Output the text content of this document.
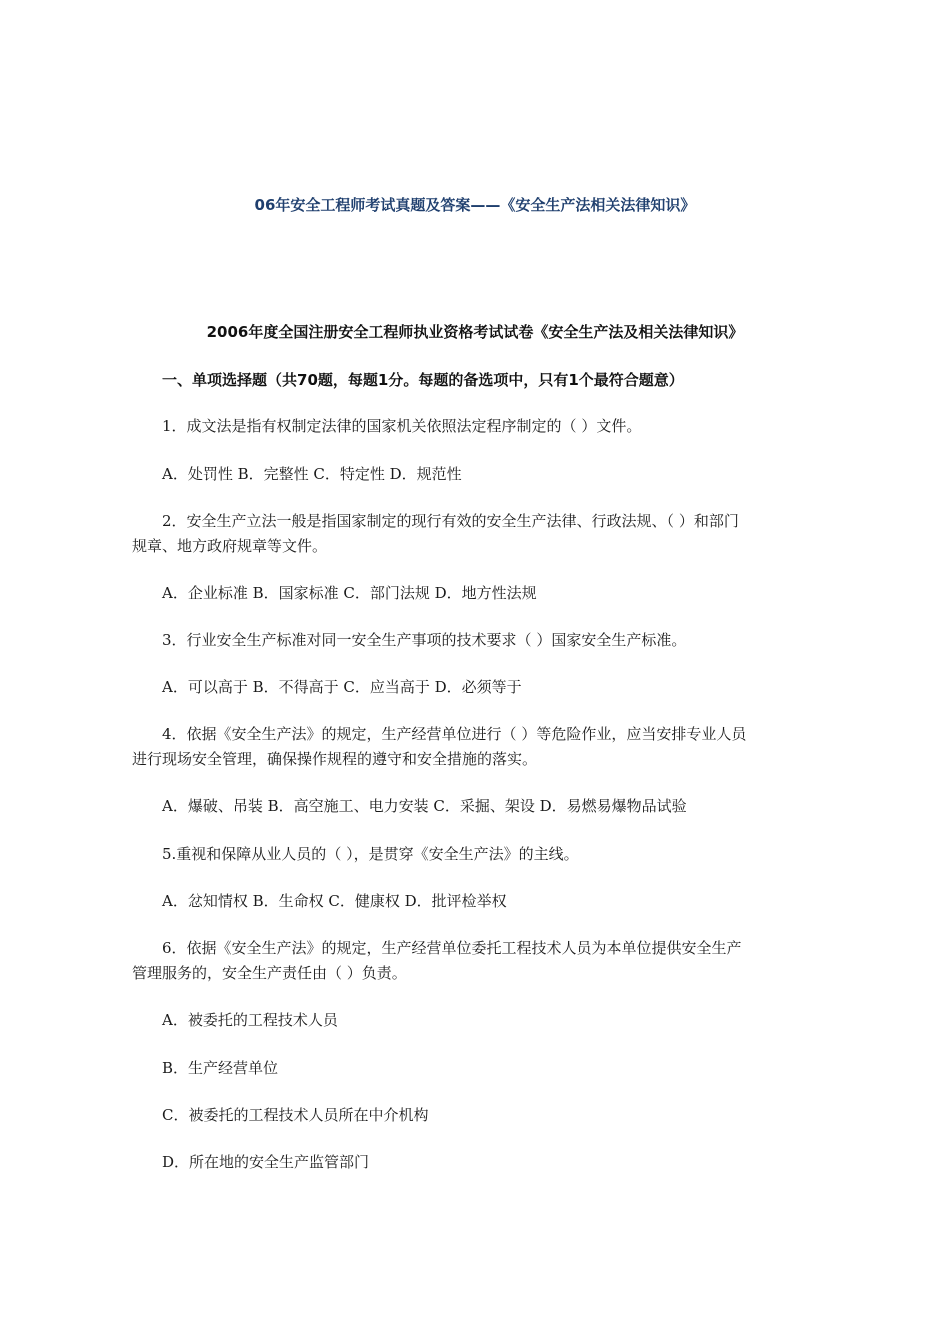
06年安全工程师考试真题及答案——《安全生产法相关法律知识》
2006年度全国注册安全工程师执业资格考试试卷《安全生产法及相关法律知识》
一、单项选择题（共70题，每题1分。每题的备选项中，只有1个最符合题意）
1．成文法是指有权制定法律的国家机关依照法定程序制定的（ ）文件。
A．处罚性 B．完整性 C．特定性 D．规范性
2．安全生产立法一般是指国家制定的现行有效的安全生产法律、行政法规、（ ）和部门
规章、地方政府规章等文件。
A．企业标准 B．国家标准 C．部门法规 D．地方性法规
3．行业安全生产标准对同一安全生产事项的技术要求（ ）国家安全生产标准。
A．可以高于 B．不得高于 C．应当高于 D．必须等于
4．依据《安全生产法》的规定，生产经营单位进行（ ）等危险作业，应当安排专业人员
进行现场安全管理，确保操作规程的遵守和安全措施的落实。
A．爆破、吊装 B．高空施工、电力安装 C．采掘、架设 D．易燃易爆物品试验
5.重视和保障从业人员的（ ），是贯穿《安全生产法》的主线。
A．忿知情权 B．生命权 C．健康权 D．批评检举权
6．依据《安全生产法》的规定，生产经营单位委托工程技术人员为本单位提供安全生产
管理服务的，安全生产责任由（ ）负责。
A．被委托的工程技术人员
B．生产经营单位
C．被委托的工程技术人员所在中介机构
D．所在地的安全生产监管部门
